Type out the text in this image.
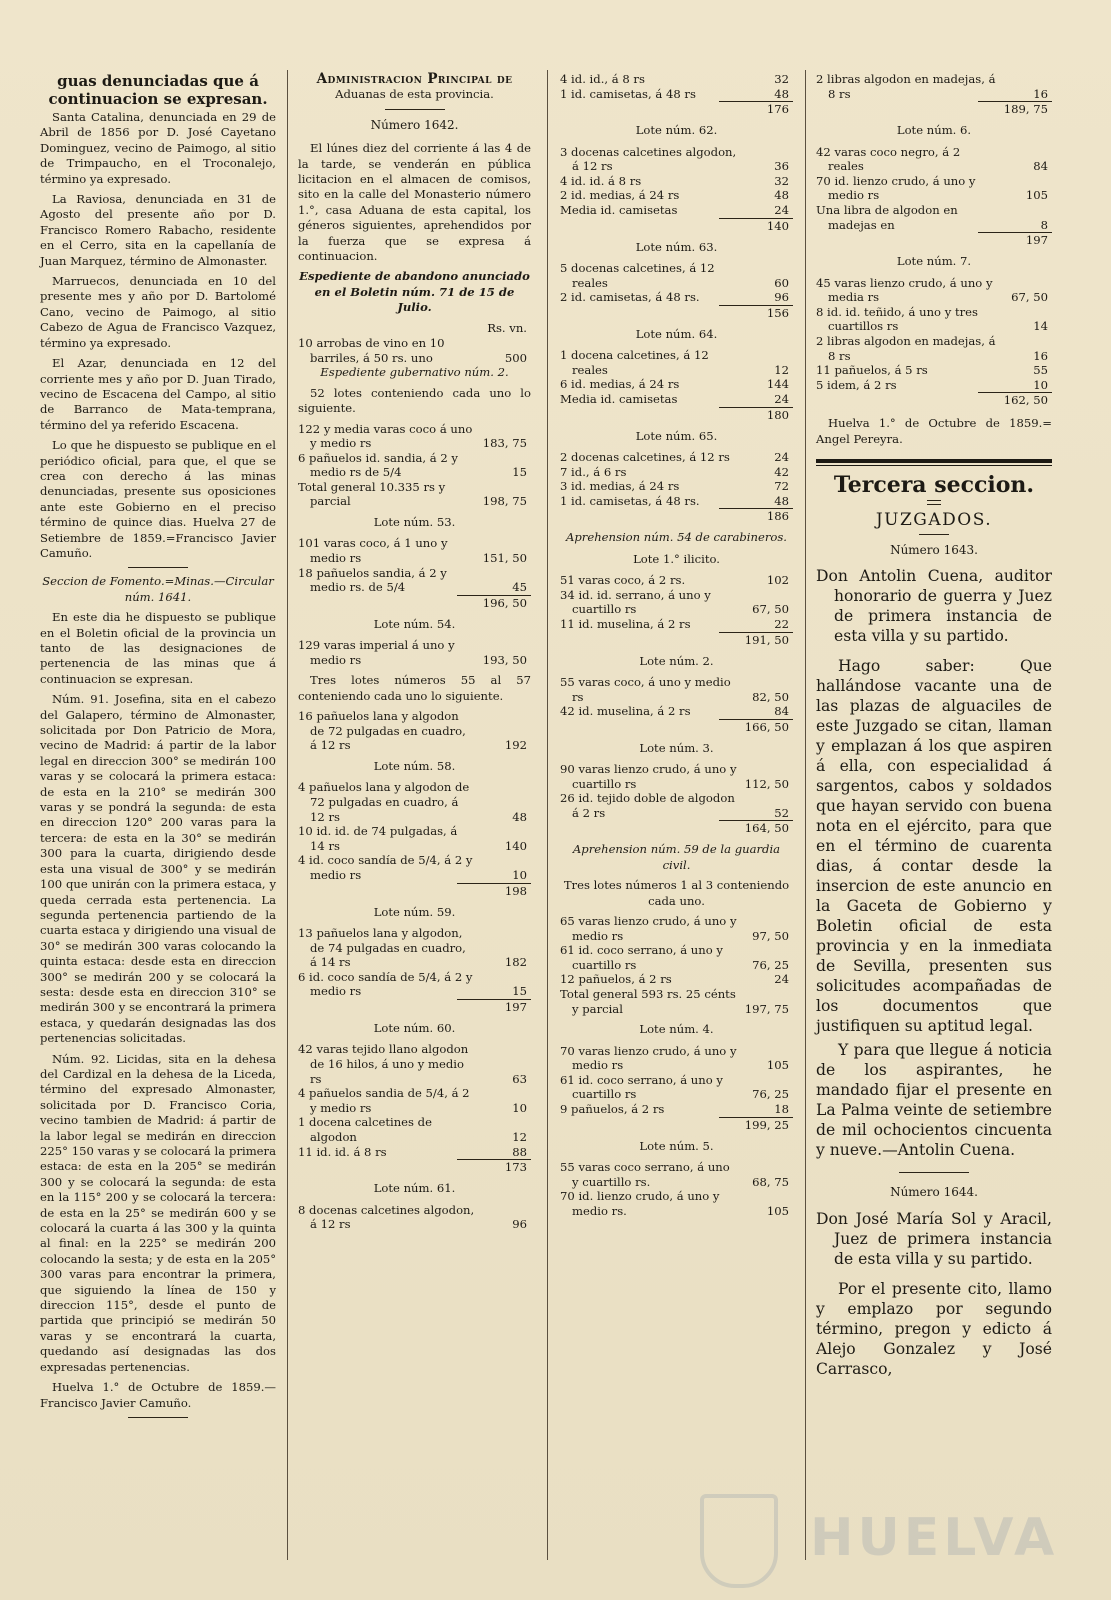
guas denunciadas que á continuacion se expresan.

Santa Catalina, denunciada en 29 de Abril de 1856 por D. José Cayetano Dominguez, vecino de Paimogo, al sitio de Trimpaucho, en el Troconalejo, término ya expresado.

La Raviosa, denunciada en 31 de Agosto del presente año por D. Francisco Romero Rabacho, residente en el Cerro, sita en la capellanía de Juan Marquez, término de Almonaster.

Marruecos, denunciada en 10 del presente mes y año por D. Bartolomé Cano, vecino de Paimogo, al sitio Cabezo de Agua de Francisco Vazquez, término ya expresado.

El Azar, denunciada en 12 del corriente mes y año por D. Juan Tirado, vecino de Escacena del Campo, al sitio de Barranco de Mata-temprana, término del ya referido Escacena.

Lo que he dispuesto se publique en el periódico oficial, para que, el que se crea con derecho á las minas denunciadas, presente sus oposiciones ante este Gobierno en el preciso término de quince dias. Huelva 27 de Setiembre de 1859.=Francisco Javier Camuño.

Seccion de Fomento.=Minas.—Circular núm. 1641.

En este dia he dispuesto se publique en el Boletin oficial de la provincia un tanto de las designaciones de pertenencia de las minas que á continuacion se expresan.

Núm. 91. Josefina, sita en el cabezo del Galapero, término de Almonaster, solicitada por Don Patricio de Mora, vecino de Madrid: á partir de la labor legal en direccion 300° se medirán 100 varas y se colocará la primera estaca: de esta en la 210° se medirán 300 varas y se pondrá la segunda: de esta en direccion 120° 200 varas para la tercera: de esta en la 30° se medirán 300 para la cuarta, dirigiendo desde esta una visual de 300° y se medirán 100 que unirán con la primera estaca, y queda cerrada esta pertenencia. La segunda pertenencia partiendo de la cuarta estaca y dirigiendo una visual de 30° se medirán 300 varas colocando la quinta estaca: desde esta en direccion 300° se medirán 200 y se colocará la sesta: desde esta en direccion 310° se medirán 300 y se encontrará la primera estaca, y quedarán designadas las dos pertenencias solicitadas.

Núm. 92. Licidas, sita en la dehesa del Cardizal en la dehesa de la Liceda, término del expresado Almonaster, solicitada por D. Francisco Coria, vecino tambien de Madrid: á partir de la labor legal se medirán en direccion 225° 150 varas y se colocará la primera estaca: de esta en la 205° se medirán 300 y se colocará la segunda: de esta en la 115° 200 y se colocará la tercera: de esta en la 25° se medirán 600 y se colocará la cuarta á las 300 y la quinta al final: en la 225° se medirán 200 colocando la sesta; y de esta en la 205° 300 varas para encontrar la primera, que siguiendo la línea de 150 y direccion 115°, desde el punto de partida que principió se medirán 50 varas y se encontrará la cuarta, quedando así designadas las dos expresadas pertenencias.

Huelva 1.° de Octubre de 1859.—Francisco Javier Camuño.

Administracion Principal de
Aduanas de esta provincia.
Número 1642.

El lúnes diez del corriente á las 4 de la tarde, se venderán en pública licitacion en el almacen de comisos, sito en la calle del Monasterio número 1.°, casa Aduana de esta capital, los géneros siguientes, aprehendidos por la fuerza que se expresa á continuacion.

Espediente de abandono anunciado en el Boletin núm. 71 de 15 de Julio.

Rs. vn.
10 arrobas de vino en 10 barriles, á 50 rs. uno	500

Espediente gubernativo núm. 2.

52 lotes conteniendo cada uno lo siguiente.

122 y media varas coco á uno y medio rs	183, 75
6 pañuelos id. sandia, á 2 y medio rs de 5/4	15
Total general 10.335 rs y parcial	198, 75
Lote núm. 53.
101 varas coco, á 1 uno y medio rs	151, 50
18 pañuelos sandia, á 2 y medio rs. de 5/4	45
196, 50
Lote núm. 54.
129 varas imperial á uno y medio rs	193, 50

Tres lotes números 55 al 57 conteniendo cada uno lo siguiente.

16 pañuelos lana y algodon de 72 pulgadas en cuadro, á 12 rs	192
Lote núm. 58.
4 pañuelos lana y algodon de 72 pulgadas en cuadro, á 12 rs	48
10 id. id. de 74 pulgadas, á 14 rs	140
4 id. coco sandía de 5/4, á 2 y medio rs	10
198
Lote núm. 59.
13 pañuelos lana y algodon, de 74 pulgadas en cuadro, á 14 rs	182
6 id. coco sandía de 5/4, á 2 y medio rs	15
197
Lote núm. 60.
42 varas tejido llano algodon de 16 hilos, á uno y medio rs	63
4 pañuelos sandia de 5/4, á 2 y medio rs	10
1 docena calcetines de algodon	12
11 id. id. á 8 rs	88
173
Lote núm. 61.
8 docenas calcetines algodon, á 12 rs	96
4 id. id., á 8 rs	32
1 id. camisetas, á 48 rs	48
176
Lote núm. 62.
3 docenas calcetines algodon, á 12 rs	36
4 id. id. á 8 rs	32
2 id. medias, á 24 rs	48
Media id. camisetas	24
140
Lote núm. 63.
5 docenas calcetines, á 12 reales	60
2 id. camisetas, á 48 rs.	96
156
Lote núm. 64.
1 docena calcetines, á 12 reales	12
6 id. medias, á 24 rs	144
Media id. camisetas	24
180
Lote núm. 65.
2 docenas calcetines, á 12 rs	24
7 id., á 6 rs	42
3 id. medias, á 24 rs	72
1 id. camisetas, á 48 rs.	48
186

Aprehension núm. 54 de carabineros.

Lote 1.° ilicito.
51 varas coco, á 2 rs.	102
34 id. id. serrano, á uno y cuartillo rs	67, 50
11 id. muselina, á 2 rs	22
191, 50
Lote núm. 2.
55 varas coco, á uno y medio rs	82, 50
42 id. muselina, á 2 rs	84
166, 50
Lote núm. 3.
90 varas lienzo crudo, á uno y cuartillo rs	112, 50
26 id. tejido doble de algodon á 2 rs	52
164, 50

Aprehension núm. 59 de la guardia civil.

Tres lotes números 1 al 3 conteniendo cada uno.

65 varas lienzo crudo, á uno y medio rs	97, 50
61 id. coco serrano, á uno y cuartillo rs	76, 25
12 pañuelos, á 2 rs	24
Total general 593 rs. 25 cénts y parcial	197, 75
Lote núm. 4.
70 varas lienzo crudo, á uno y medio rs	105
61 id. coco serrano, á uno y cuartillo rs	76, 25
9 pañuelos, á 2 rs	18
199, 25
Lote núm. 5.
55 varas coco serrano, á uno y cuartillo rs.	68, 75
70 id. lienzo crudo, á uno y medio rs.	105
2 libras algodon en madejas, á 8 rs	16
189, 75
Lote núm. 6.
42 varas coco negro, á 2 reales	84
70 id. lienzo crudo, á uno y medio rs	105
Una libra de algodon en madejas en	8
197
Lote núm. 7.
45 varas lienzo crudo, á uno y media rs	67, 50
8 id. id. teñido, á uno y tres cuartillos rs	14
2 libras algodon en madejas, á 8 rs	16
11 pañuelos, á 5 rs	55
5 idem, á 2 rs	10
162, 50

Huelva 1.° de Octubre de 1859.= Angel Pereyra.

Tercera seccion.
JUZGADOS.
Número 1643.

Don Antolin Cuena, auditor honorario de guerra y Juez de primera instancia de esta villa y su partido.

Hago saber: Que hallándose vacante una de las plazas de alguaciles de este Juzgado se citan, llaman y emplazan á los que aspiren á ella, con especialidad á sargentos, cabos y soldados que hayan servido con buena nota en el ejército, para que en el término de cuarenta dias, á contar desde la insercion de este anuncio en la Gaceta de Gobierno y Boletin oficial de esta provincia y en la inmediata de Sevilla, presenten sus solicitudes acompañadas de los documentos que justifiquen su aptitud legal.

Y para que llegue á noticia de los aspirantes, he mandado fijar el presente en La Palma veinte de setiembre de mil ochocientos cincuenta y nueve.—Antolin Cuena.

Número 1644.

Don José María Sol y Aracil, Juez de primera instancia de esta villa y su partido.

Por el presente cito, llamo y emplazo por segundo término, pregon y edicto á Alejo Gonzalez y José Carrasco,

HUELVA
